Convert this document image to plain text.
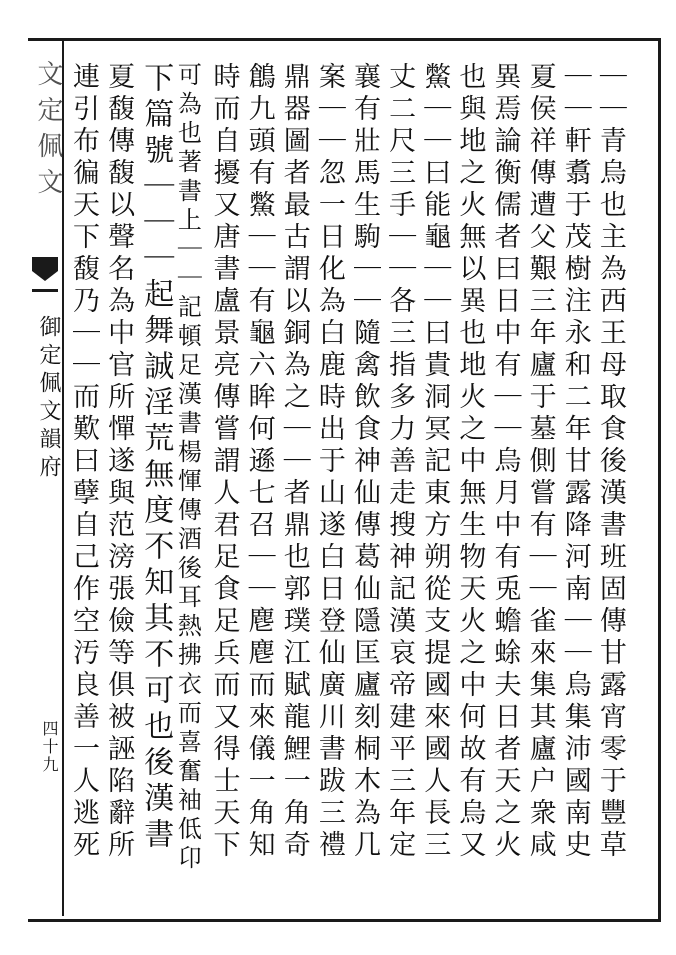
文定佩文
御定佩文韻府
四十九	｜｜青烏也主為西王母取食後漢書班固傳甘露宵零于豐草
｜｜軒翥于茂樹注永和二年甘露降河南｜｜烏集沛國南史
夏侯祥傳遭父艱三年廬于墓側嘗有｜｜雀來集其廬户衆咸
異焉論衡儒者曰日中有｜｜烏月中有兎蟾蜍夫日者天之火
也與地之火無以異也地火之中無生物天火之中何故有烏又
鱉｜｜曰能龜｜｜曰貴洞冥記東方朔從支提國來國人長三
丈二尺三手｜｜各三指多力善走搜神記漢哀帝建平三年定
襄有壯馬生駒｜｜隨禽飲食神仙傳葛仙隱匡廬刻桐木為几
案｜｜忽一日化為白鹿時出于山遂白日登仙廣川書跋三禮
鼎器圖者最古謂以銅為之｜｜者鼎也郭璞江賦龍鯉一角奇
鶬九頭有鱉｜｜有龜六眸何遜七召｜｜麀麀而來儀一角知
時而自擾又唐書盧景亮傳嘗謂人君足食足兵而又得士天下
可為也著書上｜｜記頓足漢書楊惲傳酒後耳熱拂衣而喜奮袖低卬
下篇號｜｜｜起舞誠淫荒無度不知其不可也後漢書
夏馥傳馥以聲名為中官所憚遂與范滂張儉等俱被誣陷辭所
連引布徧天下馥乃｜｜而歎曰孽自己作空汚良善一人逃死
